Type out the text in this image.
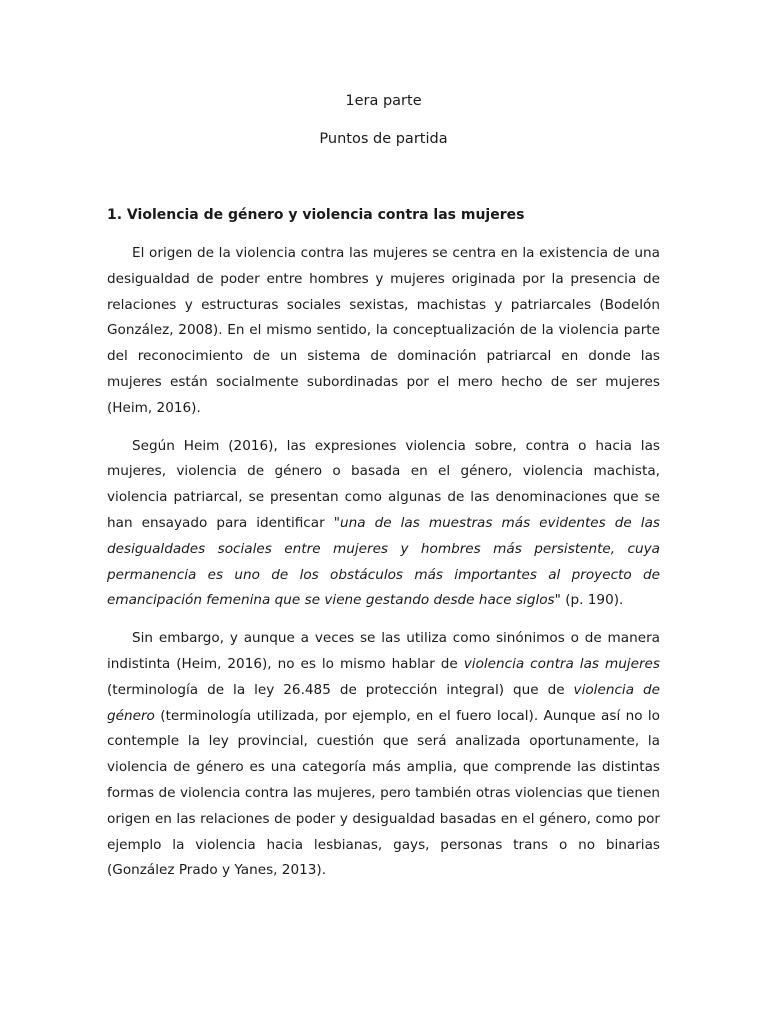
1era parte

Puntos de partida

1. Violencia de género y violencia contra las mujeres

El origen de la violencia contra las mujeres se centra en la existencia de una desigualdad de poder entre hombres y mujeres originada por la presencia de relaciones y estructuras sociales sexistas, machistas y patriarcales (Bodelón González, 2008). En el mismo sentido, la conceptualización de la violencia parte del reconocimiento de un sistema de dominación patriarcal en donde las mujeres están socialmente subordinadas por el mero hecho de ser mujeres (Heim, 2016).

Según Heim (2016), las expresiones violencia sobre, contra o hacia las mujeres, violencia de género o basada en el género, violencia machista, violencia patriarcal, se presentan como algunas de las denominaciones que se han ensayado para identificar "una de las muestras más evidentes de las desigualdades sociales entre mujeres y hombres más persistente, cuya permanencia es uno de los obstáculos más importantes al proyecto de emancipación femenina que se viene gestando desde hace siglos" (p. 190).

Sin embargo, y aunque a veces se las utiliza como sinónimos o de manera indistinta (Heim, 2016), no es lo mismo hablar de violencia contra las mujeres (terminología de la ley 26.485 de protección integral) que de violencia de género (terminología utilizada, por ejemplo, en el fuero local). Aunque así no lo contemple la ley provincial, cuestión que será analizada oportunamente, la violencia de género es una categoría más amplia, que comprende las distintas formas de violencia contra las mujeres, pero también otras violencias que tienen origen en las relaciones de poder y desigualdad basadas en el género, como por ejemplo la violencia hacia lesbianas, gays, personas trans o no binarias (González Prado y Yanes, 2013).
